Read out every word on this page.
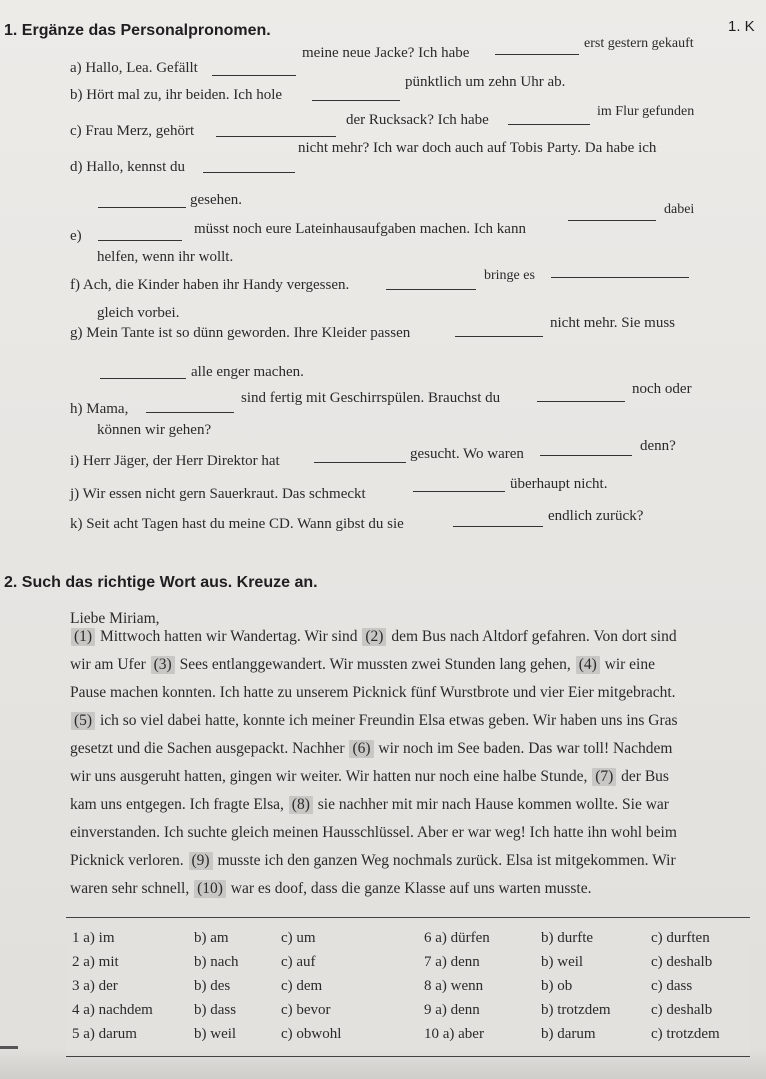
1. Ergänze das Personalpronomen.	1. K
a) Hallo, Lea. Gefällt
meine neue Jacke? Ich habe
erst gestern gekauft
b) Hört mal zu, ihr beiden. Ich hole
pünktlich um zehn Uhr ab.
c) Frau Merz, gehört
der Rucksack? Ich habe
im Flur gefunden
d) Hallo, kennst du
nicht mehr? Ich war doch auch auf Tobis Party. Da habe ich
gesehen.
e)	müsst noch eure Lateinhausaufgaben machen. Ich kann
dabei
helfen, wenn ihr wollt.
f) Ach, die Kinder haben ihr Handy vergessen.
bringe es
gleich vorbei.
g) Mein Tante ist so dünn geworden. Ihre Kleider passen
nicht mehr. Sie muss
alle enger machen.
h) Mama,
sind fertig mit Geschirrspülen. Brauchst du
noch oder
können wir gehen?
i) Herr Jäger, der Herr Direktor hat	gesucht. Wo waren	denn?
j) Wir essen nicht gern Sauerkraut. Das schmeckt
überhaupt nicht.
k) Seit acht Tagen hast du meine CD. Wann gibst du sie	endlich zurück?
2. Such das richtige Wort aus. Kreuze an.
Liebe Miriam,
(1) Mittwoch hatten wir Wandertag. Wir sind (2) dem Bus nach Altdorf gefahren. Von dort sind
wir am Ufer (3) Sees entlanggewandert. Wir mussten zwei Stunden lang gehen, (4) wir eine
Pause machen konnten. Ich hatte zu unserem Picknick fünf Wurstbrote und vier Eier mitgebracht.
(5) ich so viel dabei hatte, konnte ich meiner Freundin Elsa etwas geben. Wir haben uns ins Gras
gesetzt und die Sachen ausgepackt. Nachher (6) wir noch im See baden. Das war toll! Nachdem
wir uns ausgeruht hatten, gingen wir weiter. Wir hatten nur noch eine halbe Stunde, (7) der Bus
kam uns entgegen. Ich fragte Elsa, (8) sie nachher mit mir nach Hause kommen wollte. Sie war
einverstanden. Ich suchte gleich meinen Hausschlüssel. Aber er war weg! Ich hatte ihn wohl beim
Picknick verloren. (9) musste ich den ganzen Weg nochmals zurück. Elsa ist mitgekommen. Wir
waren sehr schnell, (10) war es doof, dass die ganze Klasse auf uns warten musste.
1 a) im	b) am	c) um	6 a) dürfen	b) durfte	c) durften
2 a) mit	b) nach	c) auf	7 a) denn	b) weil	c) deshalb
3 a) der	b) des	c) dem	8 a) wenn	b) ob	c) dass
4 a) nachdem	b) dass	c) bevor	9 a) denn	b) trotzdem	c) deshalb
5 a) darum	b) weil	c) obwohl	10 a) aber	b) darum	c) trotzdem
